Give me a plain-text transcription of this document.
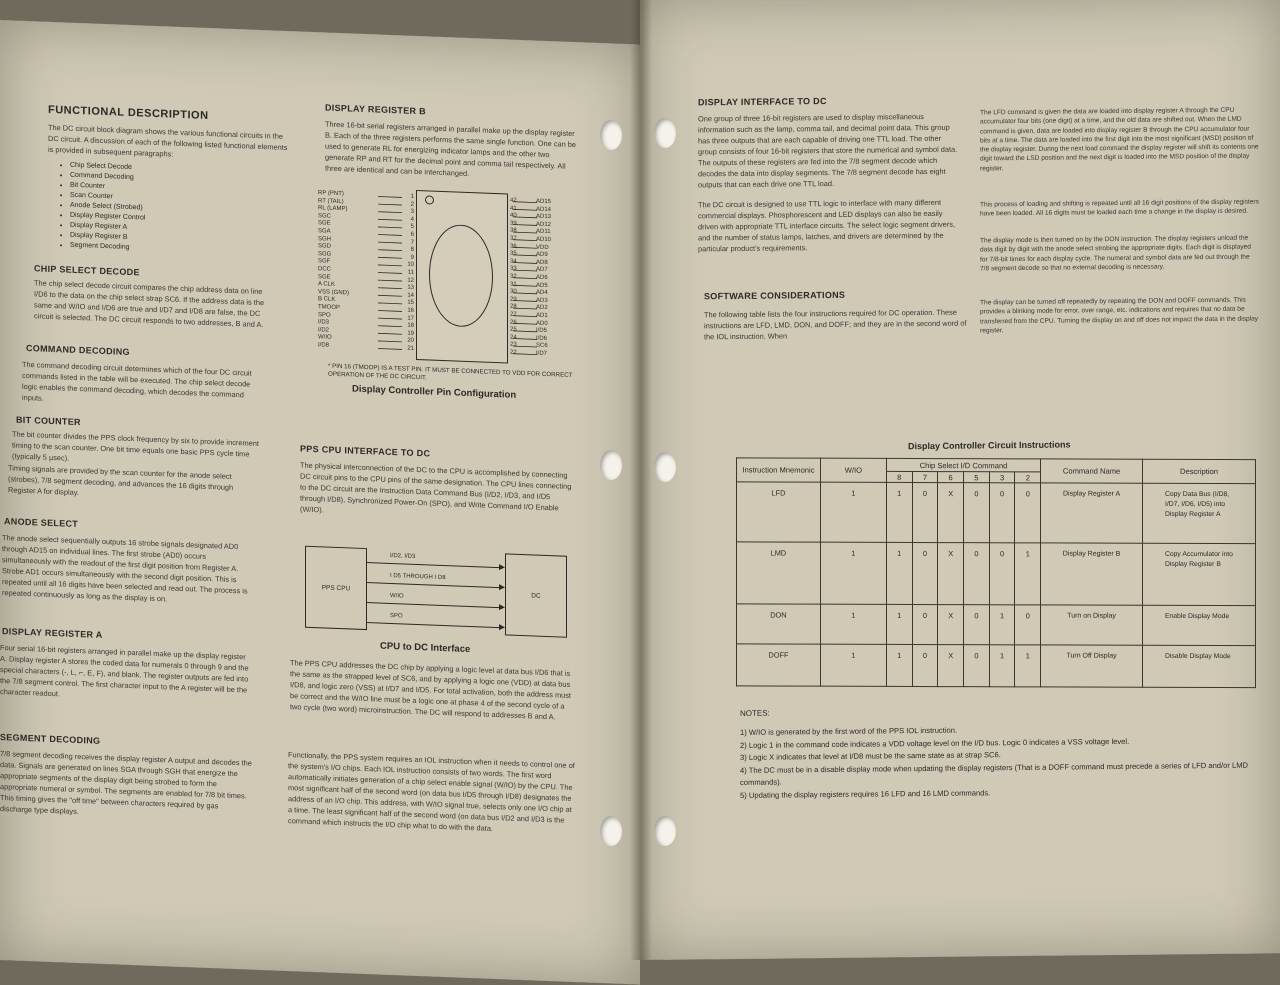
FUNCTIONAL DESCRIPTION
The DC circuit block diagram shows the various functional circuits in the DC circuit. A discussion of each of the following listed functional elements is provided in subsequent paragraphs:
• Chip Select Decode
• Command Decoding
• Bit Counter
• Scan Counter
• Anode Select (Strobed)
• Display Register Control
• Display Register A
• Display Register B
• Segment Decoding
CHIP SELECT DECODE
The chip select decode circuit compares the chip address data on line I/D6 to the data on the chip select strap SC6. If the address data is the same and W/IO and I/D6 are true and I/D7 and I/D8 are false, the DC circuit is selected. The DC circuit responds to two addresses, B and A.
COMMAND DECODING
The command decoding circuit determines which of the four DC circuit commands listed in the table will be executed. The chip select decode logic enables the command decoding, which decodes the command inputs.
BIT COUNTER
The bit counter divides the PPS clock frequency by six to provide increment timing to the scan counter. One bit time equals one basic PPS cycle time (typically 5 µsec).
Timing signals are provided by the scan counter for the anode select (strobes), 7/8 segment decoding, and advances the 16 digits through Register A for display.
ANODE SELECT
The anode select sequentially outputs 16 strobe signals designated AD0 through AD15 on individual lines. The first strobe (AD0) occurs simultaneously with the readout of the first digit position from Register A. Strobe AD1 occurs simultaneously with the second digit position. This is repeated until all 16 digits have been selected and read out. The process is repeated continuously as long as the display is on.
DISPLAY REGISTER A
Four serial 16-bit registers arranged in parallel make up the display register A. Display register A stores the coded data for numerals 0 through 9 and the special characters (-, L, ⌐, E, F), and blank. The register outputs are fed into the 7/8 segment control. The first character input to the A register will be the character readout.
SEGMENT DECODING
7/8 segment decoding receives the display register A output and decodes the data. Signals are generated on lines SGA through SGH that energize the appropriate segments of the display digit being strobed to form the appropriate numeral or symbol. The segments are enabled for 7/8 bit times. This timing gives the "off time" between characters required by gas discharge type displays.
DISPLAY REGISTER B
Three 16-bit serial registers arranged in parallel make up the display register B. Each of the three registers performs the same single function. One can be used to generate RL for energizing indicator lamps and the other two generate RP and RT for the decimal point and comma tail respectively. All three are identical and can be interchanged.
RP (PNT)
RT (TAIL)
RL (LAMP)
SGC
SGE
SGA
SGH
SGD
SGG
SGF
DCC
SGE
A CLK
VSS (GND)
B CLK
TMOOP
SPO
I/D3
I/D2
W/IO
I/D8
1
2
3
4
5
6
7
8
9
10
11
12
13
14
15
16
17
18
19
20
21
42
41
40
39
38
37
36
35
34
33
32
31
30
29
28
27
26
25
24
23
22
AD15
AD14
AD13
AD12
AD11
AD10
VDD
AD9
AD8
AD7
AD6
AD5
AD4
AD3
AD2
AD1
AD0
I/D5
I/D6
SC6
I/D7
* PIN 16 (TMOOP) IS A TEST PIN. IT MUST BE CONNECTED TO VDD FOR CORRECT OPERATION OF THE DC CIRCUIT.
Display Controller Pin Configuration
PPS CPU INTERFACE TO DC
The physical interconnection of the DC to the CPU is accomplished by connecting DC circuit pins to the CPU pins of the same designation. The CPU lines connecting to the DC circuit are the Instruction Data Command Bus (I/D2, I/D3, and I/D5 through I/D8), Synchronized Power-On (SPO), and Write Command I/O Enable (W/IO).
PPS CPU
DC
I/D2, I/D3
I D5 THROUGH I D8
W/IO
SPO
CPU to DC Interface
The PPS CPU addresses the DC chip by applying a logic level at data bus I/D6 that is the same as the strapped level of SC6, and by applying a logic one (VDD) at data bus I/D8, and logic zero (VSS) at I/D7 and I/D5. For total activation, both the address must be correct and the W/IO line must be a logic one at phase 4 of the second cycle of a two cycle (two word) microinstruction. The DC will respond to addresses B and A.
Functionally, the PPS system requires an IOL instruction when it needs to control one of the system's I/O chips. Each IOL instruction consists of two words. The first word automatically initiates generation of a chip select enable signal (W/IO) by the CPU. The most significant half of the second word (on data bus I/D5 through I/D8) designates the address of an I/O chip. This address, with W/IO signal true, selects only one I/O chip at a time. The least significant half of the second word (on data bus I/D2 and I/D3 is the command which instructs the I/O chip what to do with the data.
DISPLAY INTERFACE TO DC
One group of three 16-bit registers are used to display miscellaneous information such as the lamp, comma tail, and decimal point data. This group has three outputs that are each capable of driving one TTL load. The other group consists of four 16-bit registers that store the numerical and symbol data. The outputs of these registers are fed into the 7/8 segment decode which decodes the data into display segments. The 7/8 segment decode has eight outputs that can each drive one TTL load.
The DC circuit is designed to use TTL logic to interface with many different commercial displays. Phosphorescent and LED displays can also be easily driven with appropriate TTL interface circuits. The select logic segment drivers, and the number of status lamps, latches, and drivers are determined by the particular product's requirements.
The LFD command is given the data are loaded into display register A through the CPU accumulator four bits (one digit) at a time, and the old data are shifted out. When the LMD command is given, data are loaded into display register B through the CPU accumulator four bits at a time. The data are loaded into the first digit into the most significant (MSD) position of the display register. During the next load command the display register will shift its contents one digit toward the LSD position and the next digit is loaded into the MSD position of the display register.
This process of loading and shifting is repeated until all 16 digit positions of the display registers have been loaded. All 16 digits must be loaded each time a change in the display is desired.
The display mode is then turned on by the DON instruction. The display registers unload the data digit by digit with the anode select strobing the appropriate digits. Each digit is displayed for 7/8-bit times for each display cycle. The numeral and symbol data are fed out through the 7/8 segment decode so that no external decoding is necessary.
The display can be turned off repeatedly by repeating the DON and DOFF commands. This provides a blinking mode for error, over range, etc. indications and requires that no data be transferred from the CPU. Turning the display on and off does not impact the data in the display register.
SOFTWARE CONSIDERATIONS
The following table lists the four instructions required for DC operation. These instructions are LFD, LMD, DON, and DOFF; and they are in the second word of the IOL instruction. When
Display Controller Circuit Instructions
Instruction Mnemonic	W/IO	Chip Select I/D Command						Command Name	Description
		8	7	6	5	3	2		
LFD	1	1	0	X	0	0	0	Display Register A	Copy Data Bus (I/D8, I/D7, I/D6, I/D5) into Display Register A
LMD	1	1	0	X	0	0	1	Display Register B	Copy Accumulator into Display Register B
DON	1	1	0	X	0	1	0	Turn on Display	Enable Display Mode
DOFF	1	1	0	X	0	1	1	Turn Off Display	Disable Display Mode
NOTES:
1) W/IO is generated by the first word of the PPS IOL instruction.
2) Logic 1 in the command code indicates a VDD voltage level on the I/D bus. Logic 0 indicates a VSS voltage level.
3) Logic X indicates that level at I/D8 must be the same state as at strap SC6.
4) The DC must be in a disable display mode when updating the display registers (That is a DOFF command must precede a series of LFD and/or LMD commands).
5) Updating the display registers requires 16 LFD and 16 LMD commands.
